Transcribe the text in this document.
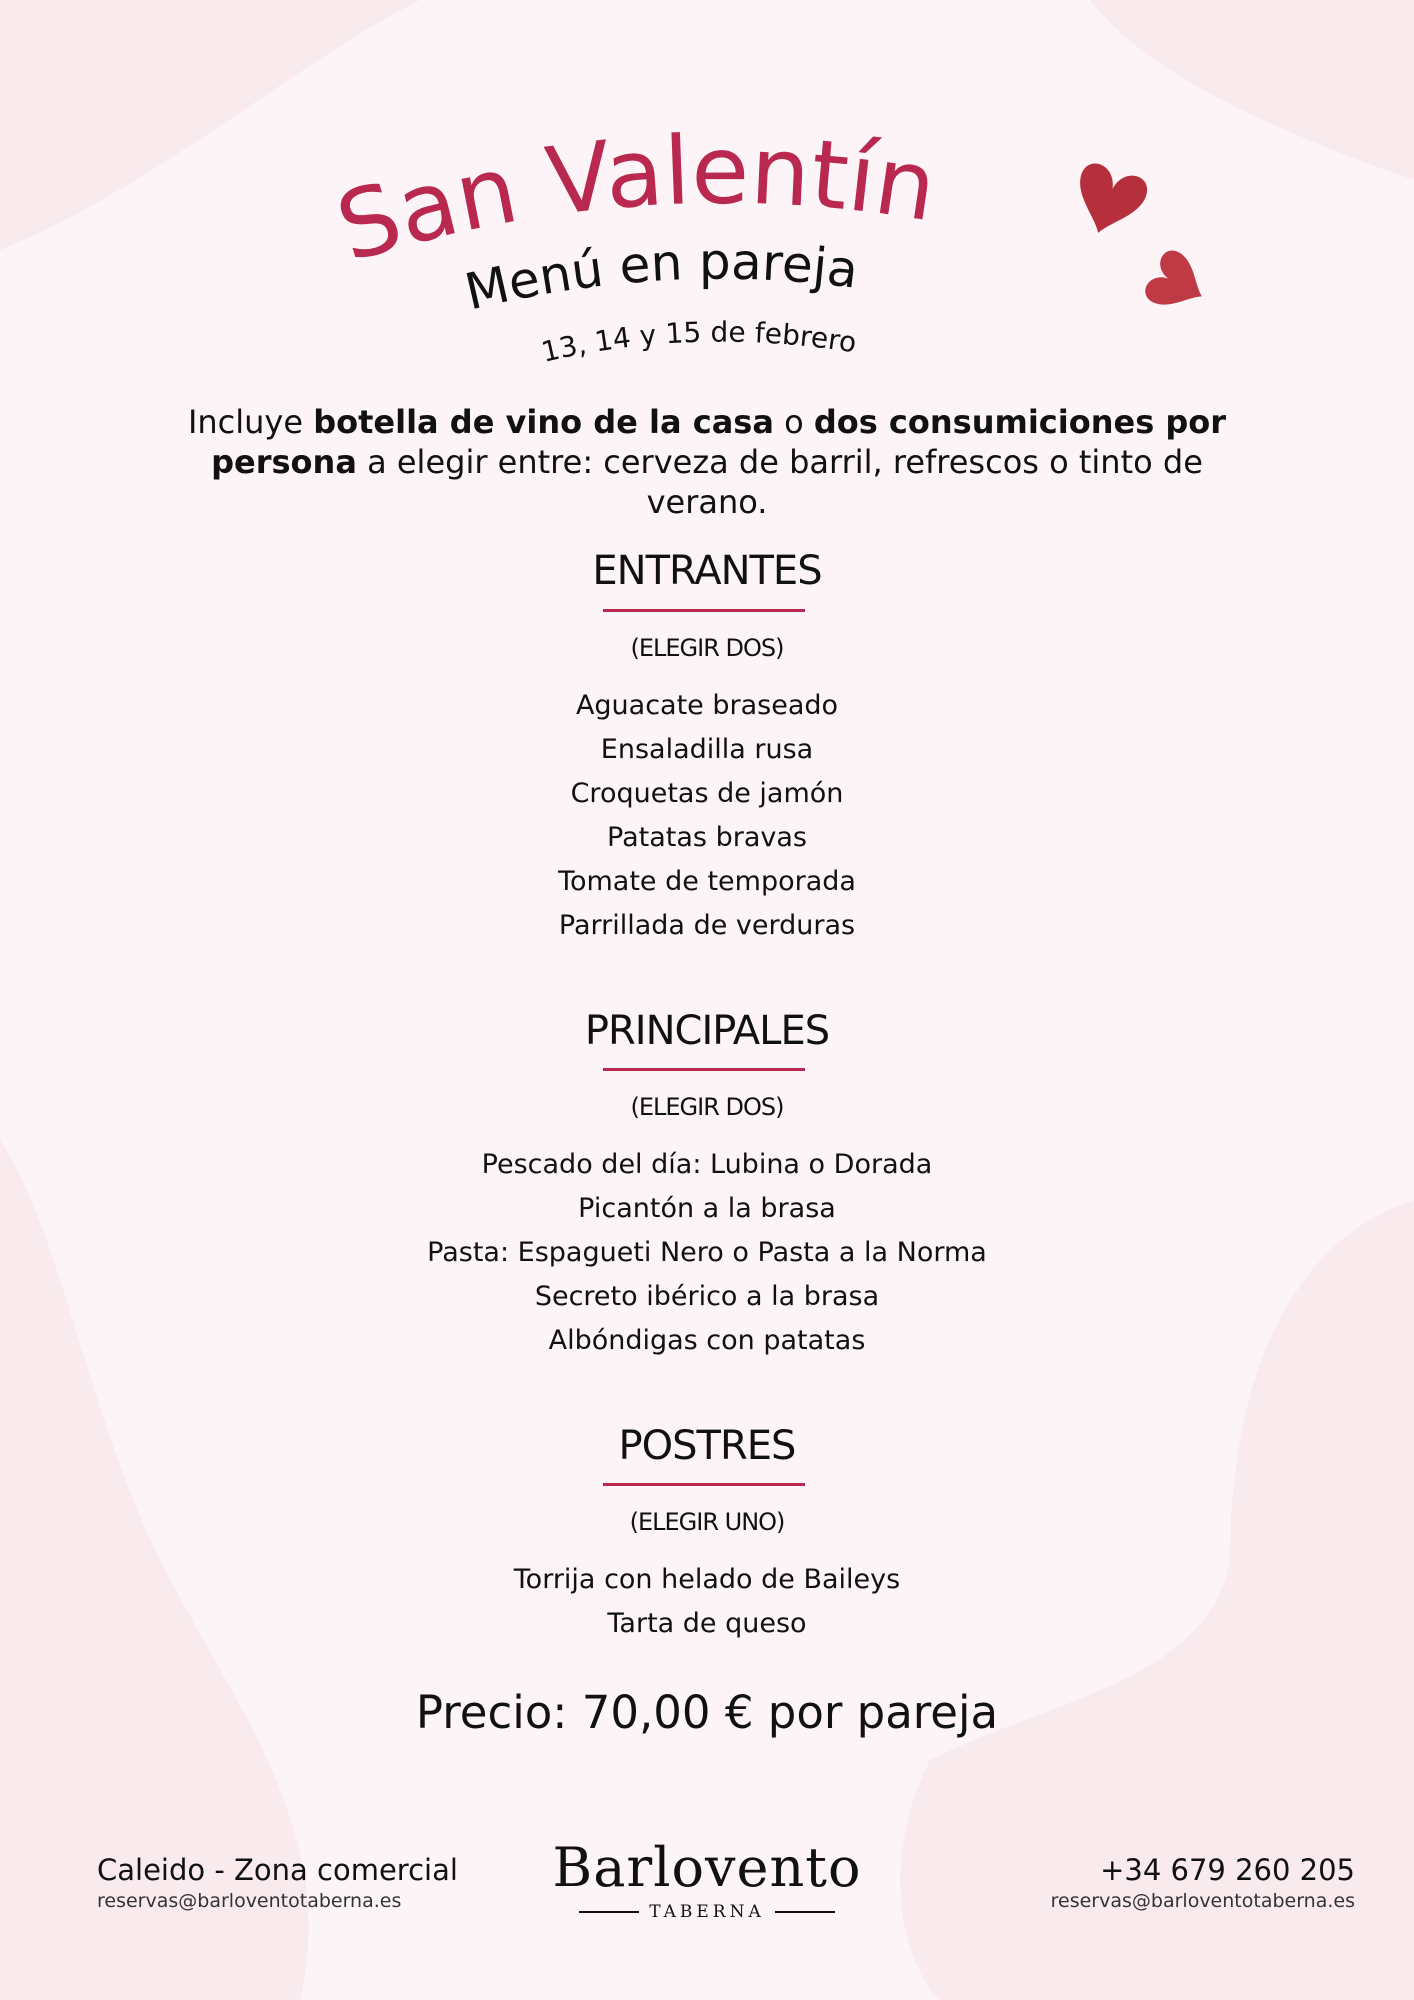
San Valentín
Menú en pareja
13, 14 y 15 de febrero
Incluye botella de vino de la casa o dos consumiciones por persona a elegir entre: cerveza de barril, refrescos o tinto de verano.
ENTRANTES
(ELEGIR DOS)
Aguacate braseado
Ensaladilla rusa
Croquetas de jamón
Patatas bravas
Tomate de temporada
Parrillada de verduras
PRINCIPALES
(ELEGIR DOS)
Pescado del día: Lubina o Dorada
Picantón a la brasa
Pasta: Espagueti Nero o Pasta a la Norma
Secreto ibérico a la brasa
Albóndigas con patatas
POSTRES
(ELEGIR UNO)
Torrija con helado de Baileys
Tarta de queso
Precio: 70,00 € por pareja
Caleido - Zona comercial
reservas@barloventotaberna.es
Barlovento
TABERNA
+34 679 260 205
reservas@barloventotaberna.es
